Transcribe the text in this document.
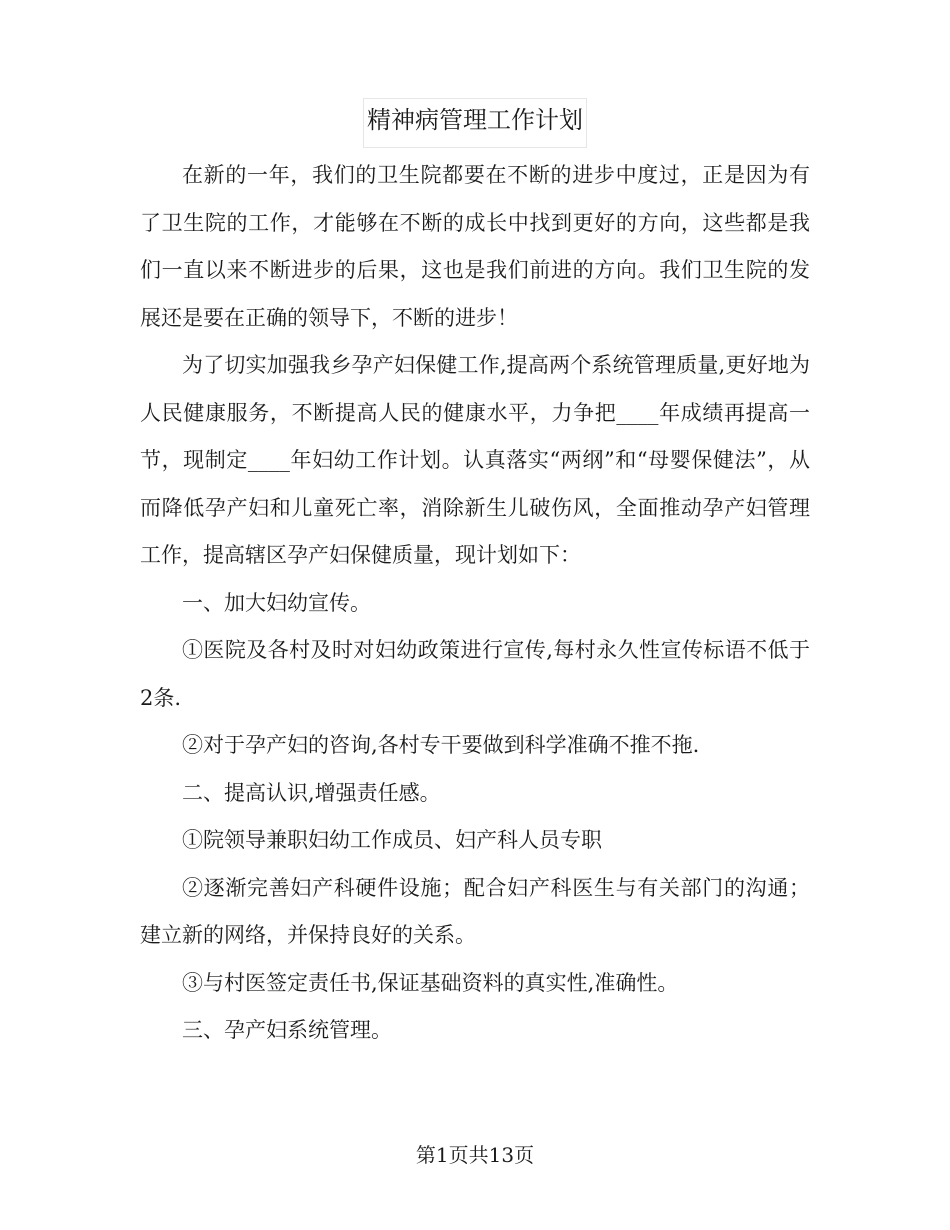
精神病管理工作计划

在新的一年，我们的卫生院都要在不断的进步中度过，正是因为有了卫生院的工作，才能够在不断的成长中找到更好的方向，这些都是我们一直以来不断进步的后果，这也是我们前进的方向。我们卫生院的发展还是要在正确的领导下，不断的进步！

为了切实加强我乡孕产妇保健工作,提高两个系统管理质量,更好地为人民健康服务，不断提高人民的健康水平，力争把____年成绩再提高一节，现制定____年妇幼工作计划。认真落实“两纲”和“母婴保健法”，从而降低孕产妇和儿童死亡率，消除新生儿破伤风，全面推动孕产妇管理工作，提高辖区孕产妇保健质量，现计划如下：

一、加大妇幼宣传。

①医院及各村及时对妇幼政策进行宣传,每村永久性宣传标语不低于2条.

②对于孕产妇的咨询,各村专干要做到科学准确不推不拖.

二、提高认识,增强责任感。

①院领导兼职妇幼工作成员、妇产科人员专职

②逐渐完善妇产科硬件设施；配合妇产科医生与有关部门的沟通；建立新的网络，并保持良好的关系。

③与村医签定责任书,保证基础资料的真实性,准确性。

三、孕产妇系统管理。

第1页共13页
